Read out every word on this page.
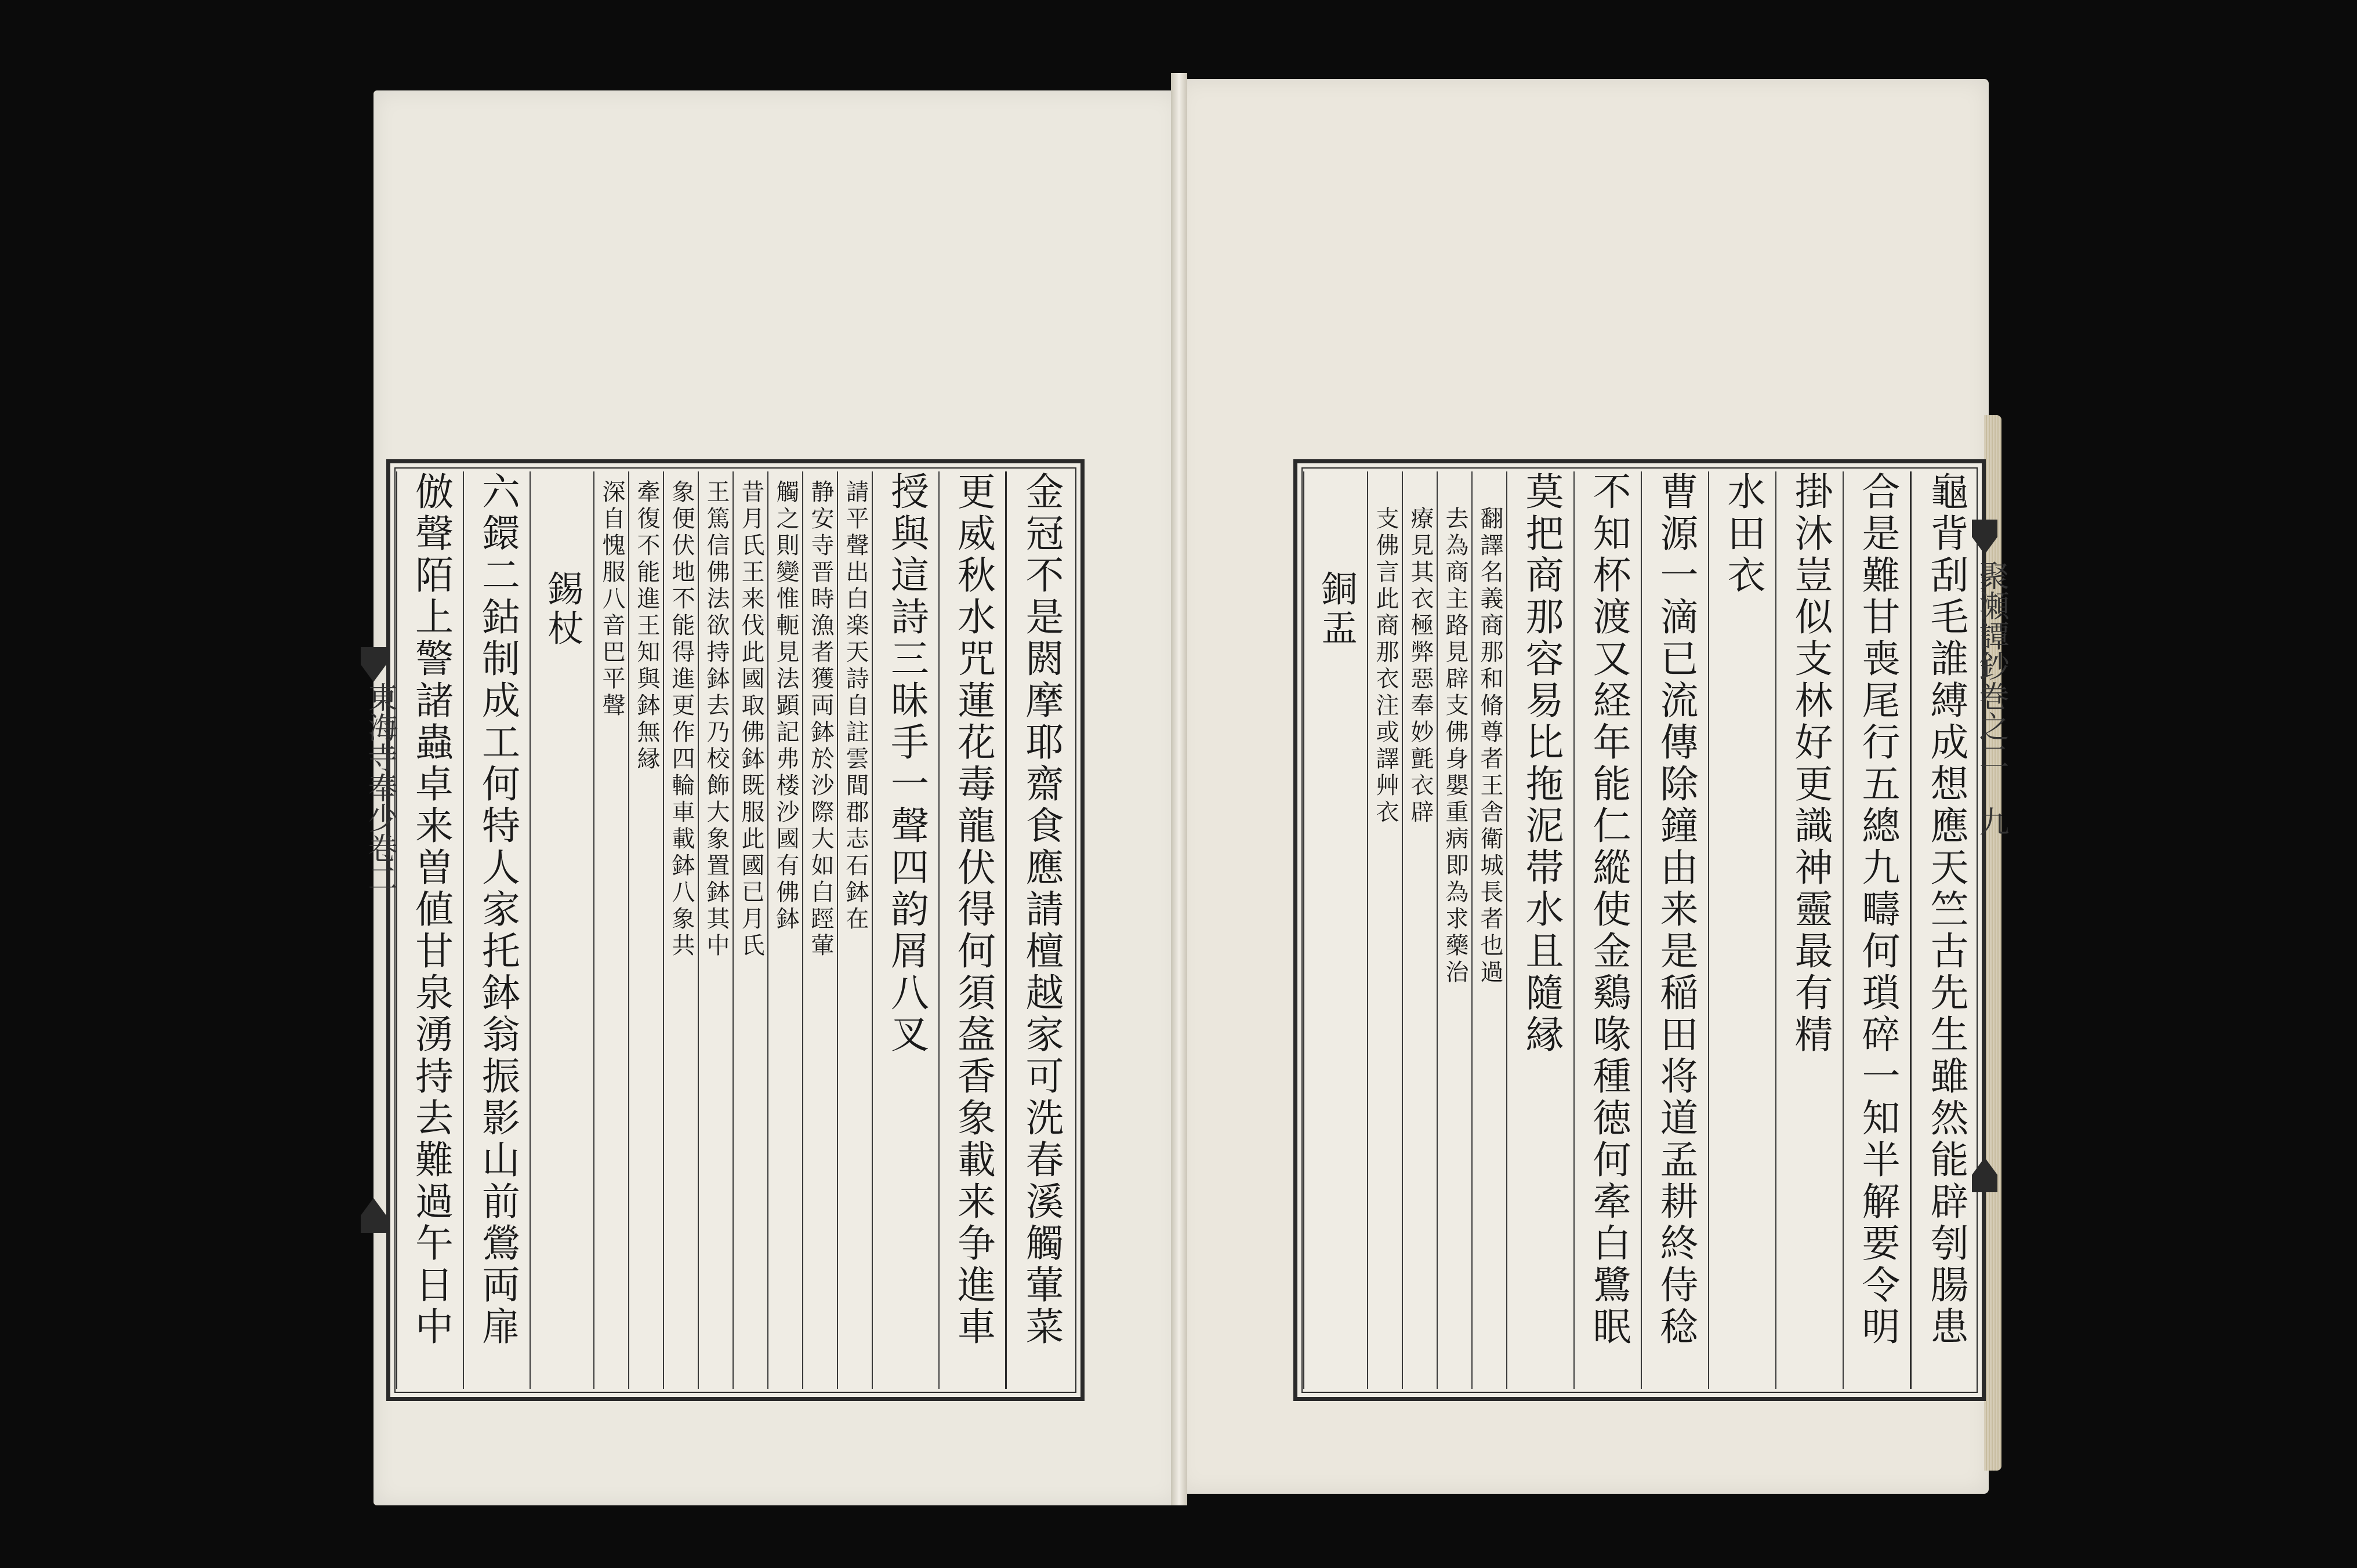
金冠不是閼摩耶齋食應請檀越家可洗春溪觸葷菜
更威秋水咒蓮花毒龍伏得何須盋香象載来争進車
授與這詩三昧手一聲四韵屑八叉
請平聲出白楽天詩自註雲間郡志石鉢在
静安寺晋時漁者獲両鉢於沙際大如白踁葷
觸之則變惟軛見法顕記弗楼沙國有佛鉢
昔月氏王来伐此國取佛鉢既服此國已月氏
王篤信佛法欲持鉢去乃校飾大象置鉢其中
象便伏地不能得進更作四輪車載鉢八象共
牽復不能進王知與鉢無縁
深自愧服八音巴平聲
錫杖
六鐶二鈷制成工何特人家托鉢翁振影山前鶯両扉
倣聲陌上警諸蟲卓来曽値甘泉湧持去難過午日中
東海寺奉少卷二	龜背刮毛誰縛成想應天竺古先生雖然能辟刳腸患
合是難甘喪尾行五總九疇何瑣碎一知半解要令明
掛沐豈似支林好更識神靈最有精
水田衣
曹源一滴已流傳除鐘由来是稲田将道孟耕終侍稔
不知杯渡又経年能仁縱使金鷄喙種徳何牽白鷺眠
莫把商那容易比拖泥帯水且隨縁
翻譯名義商那和脩尊者王舎衛城長者也過
去為商主路見辟支佛身嬰重病即為求藥治
療見其衣極弊惡奉妙氈衣辟
支佛言此商那衣注或譯艸衣
銅盂	聚瀬譚鈔巻之二 九
